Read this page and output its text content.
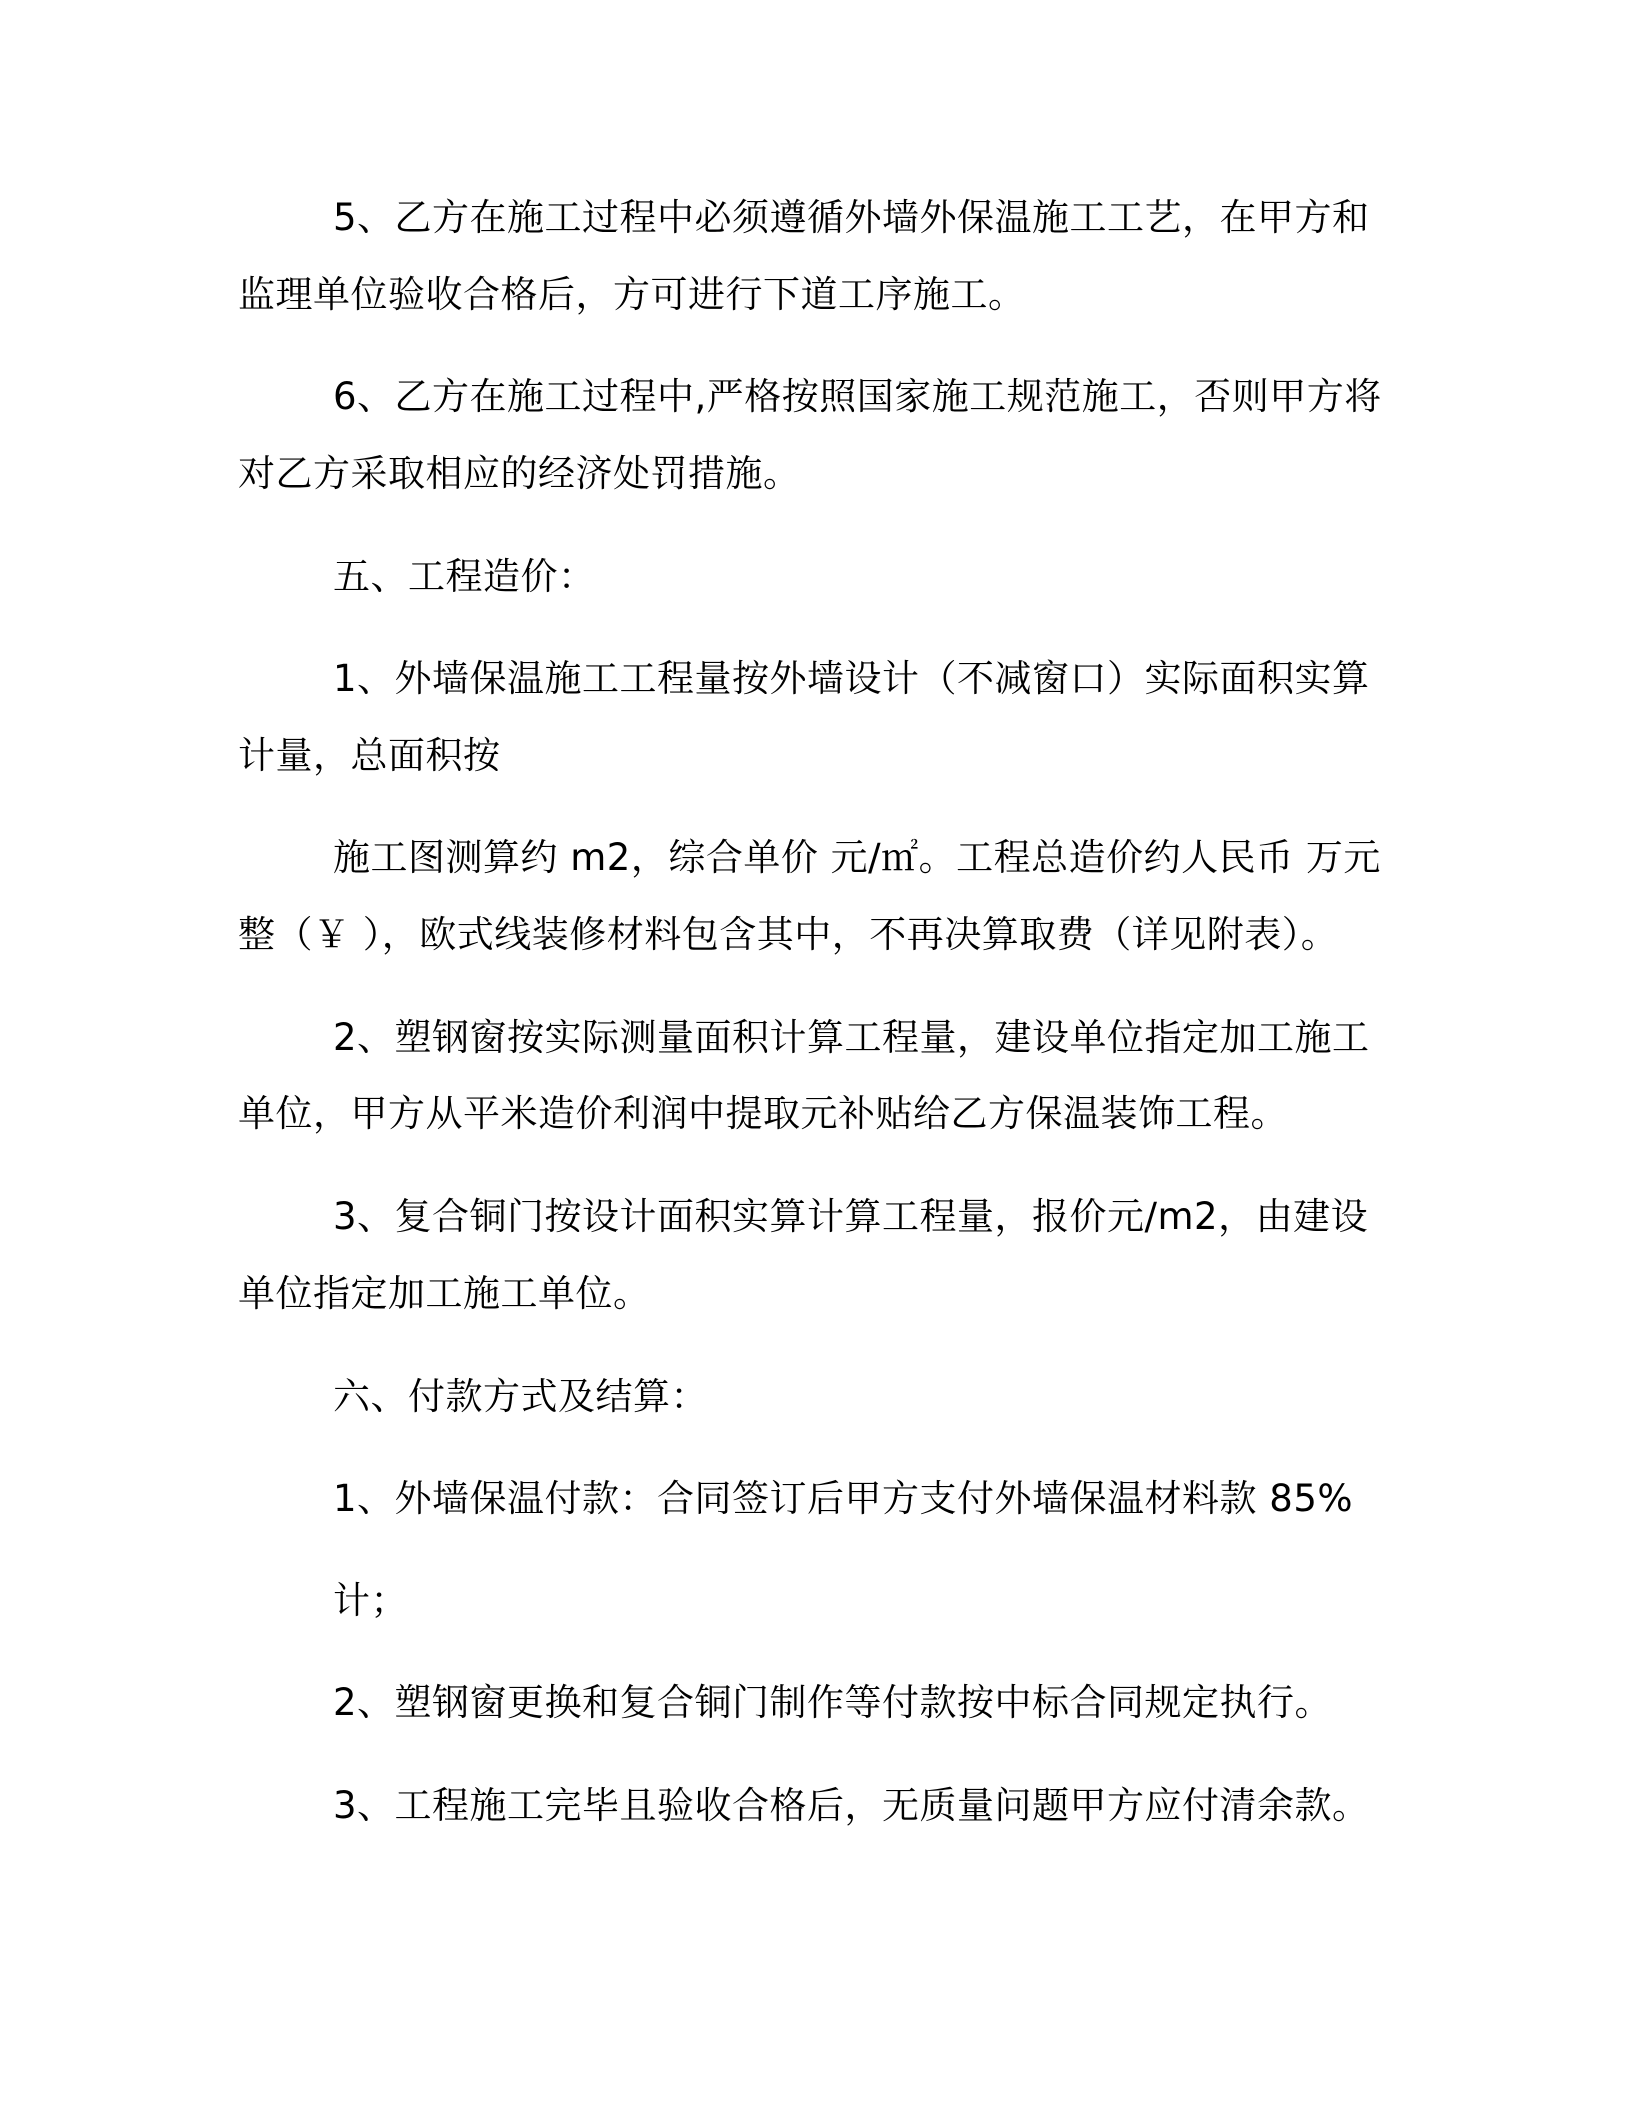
5、乙方在施工过程中必须遵循外墙外保温施工工艺，在甲方和
监理单位验收合格后，方可进行下道工序施工。
6、乙方在施工过程中,严格按照国家施工规范施工，否则甲方将
对乙方采取相应的经济处罚措施。
五、工程造价：
1、外墙保温施工工程量按外墙设计（不减窗口）实际面积实算
计量，总面积按
施工图测算约 m2，综合单价 元/㎡。工程总造价约人民币 万元
整（￥ ），欧式线装修材料包含其中，不再决算取费（详见附表）。
2、塑钢窗按实际测量面积计算工程量，建设单位指定加工施工
单位，甲方从平米造价利润中提取元补贴给乙方保温装饰工程。
3、复合铜门按设计面积实算计算工程量，报价元/m2，由建设
单位指定加工施工单位。
六、付款方式及结算：
1、外墙保温付款：合同签订后甲方支付外墙保温材料款 85%
计；
2、塑钢窗更换和复合铜门制作等付款按中标合同规定执行。
3、工程施工完毕且验收合格后，无质量问题甲方应付清余款。
